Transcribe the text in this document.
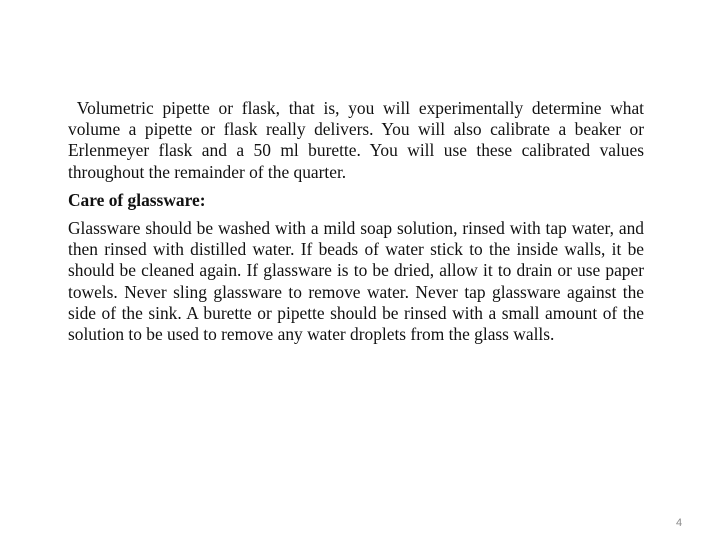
Volumetric pipette or flask, that is, you will experimentally determine what volume a pipette or flask really delivers. You will also calibrate a beaker or Erlenmeyer flask and a 50 ml burette. You will use these calibrated values throughout the remainder of the quarter.

Care of glassware:

Glassware should be washed with a mild soap solution, rinsed with tap water, and then rinsed with distilled water. If beads of water stick to the inside walls, it be should be cleaned again. If glassware is to be dried, allow it to drain or use paper towels. Never sling glassware to remove water. Never tap glassware against the side of the sink. A burette or pipette should be rinsed with a small amount of the solution to be used to remove any water droplets from the glass walls.

4
